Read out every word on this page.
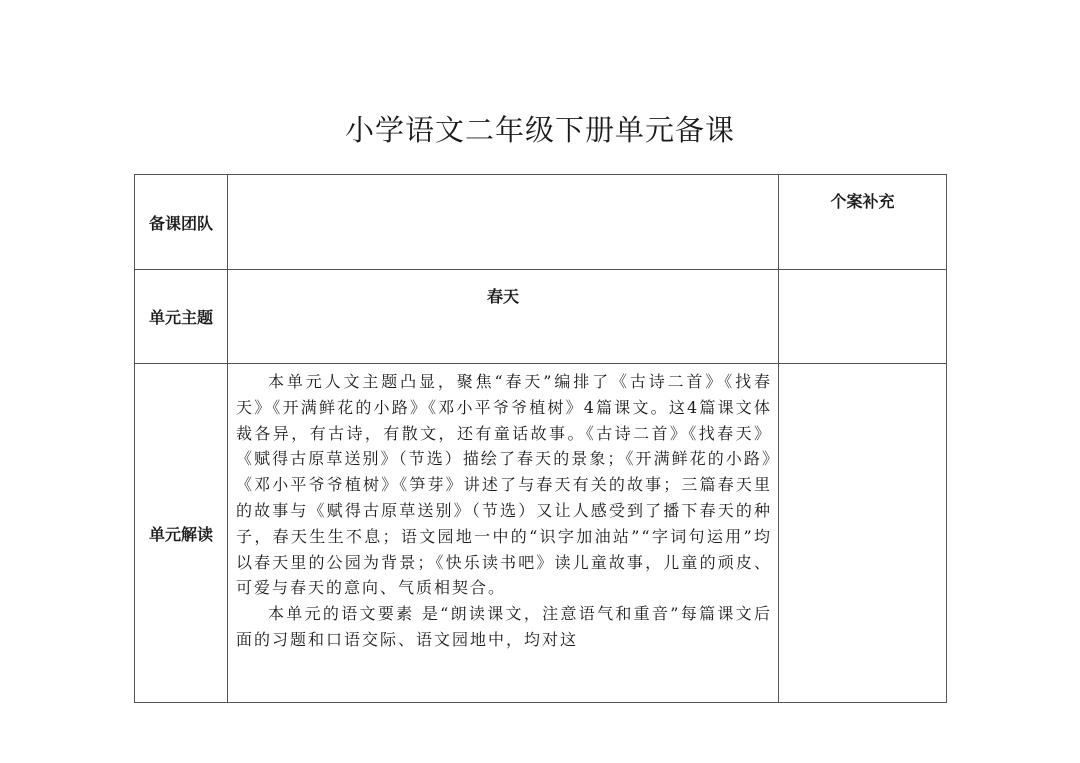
小学语文二年级下册单元备课
备课团队		个案补充
单元主题	春天	
单元解读	本单元人文主题凸显，聚焦“春天”编排了《古诗二首》《找春天》《开满鲜花的小路》《邓小平爷爷植树》4篇课文。这4篇课文体裁各异，有古诗，有散文，还有童话故事。《古诗二首》《找春天》《赋得古原草送别》（节选）描绘了春天的景象；《开满鲜花的小路》《邓小平爷爷植树》《笋芽》讲述了与春天有关的故事；三篇春天里的故事与《赋得古原草送别》（节选）又让人感受到了播下春天的种子，春天生生不息；语文园地一中的“识字加油站”“字词句运用”均以春天里的公园为背景；《快乐读书吧》读儿童故事，儿童的顽皮、可爱与春天的意向、气质相契合。

本单元的语文要素 是“朗读课文，注意语气和重音”每篇课文后面的习题和口语交际、语文园地中，均对这	
